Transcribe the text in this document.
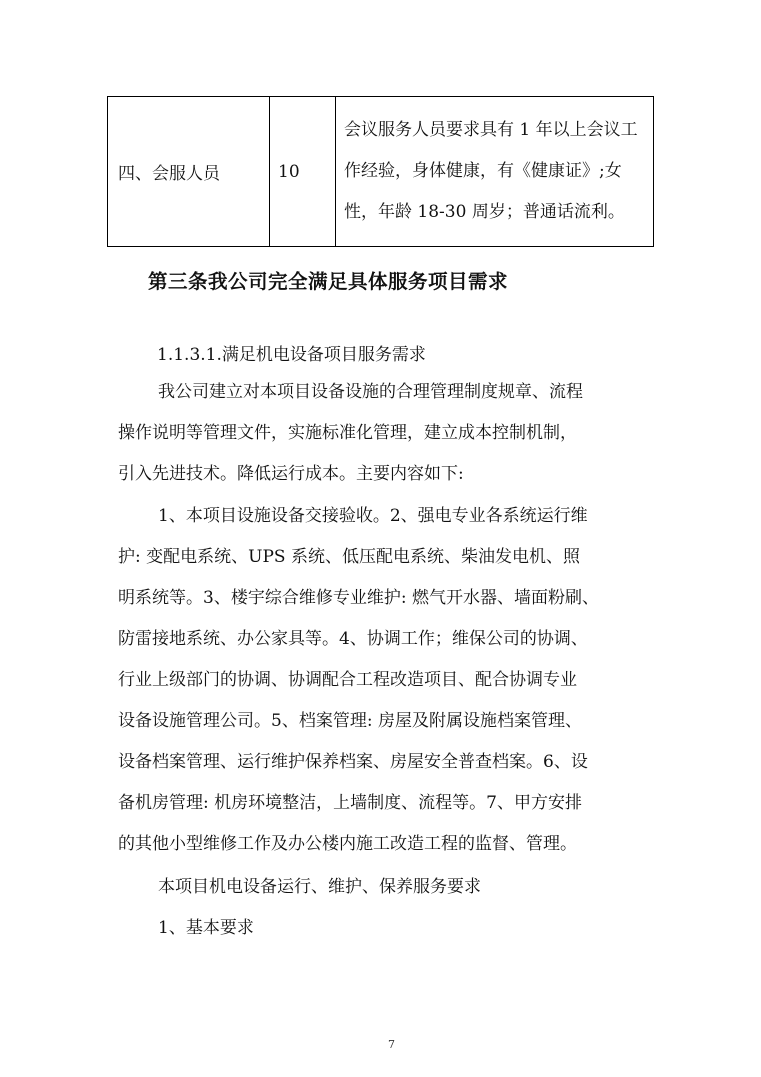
四、会服人员	10	
会议服务人员要求具有 1 年以上会议工
作经验，身体健康，有《健康证》;女
性，年龄 18-30 周岁；普通话流利。
第三条我公司完全满足具体服务项目需求
1.1.3.1.满足机电设备项目服务需求
我公司建立对本项目设备设施的合理管理制度规章、流程
操作说明等管理文件，实施标准化管理，建立成本控制机制，
引入先进技术。降低运行成本。主要内容如下:
1、本项目设施设备交接验收。2、强电专业各系统运行维
护: 变配电系统、UPS 系统、低压配电系统、柴油发电机、照
明系统等。3、楼宇综合维修专业维护: 燃气开水器、墙面粉刷、
防雷接地系统、办公家具等。4、协调工作；维保公司的协调、
行业上级部门的协调、协调配合工程改造项目、配合协调专业
设备设施管理公司。5、档案管理: 房屋及附属设施档案管理、
设备档案管理、运行维护保养档案、房屋安全普查档案。6、设
备机房管理: 机房环境整洁，上墙制度、流程等。7、甲方安排
的其他小型维修工作及办公楼内施工改造工程的监督、管理。
本项目机电设备运行、维护、保养服务要求
1、基本要求
7
